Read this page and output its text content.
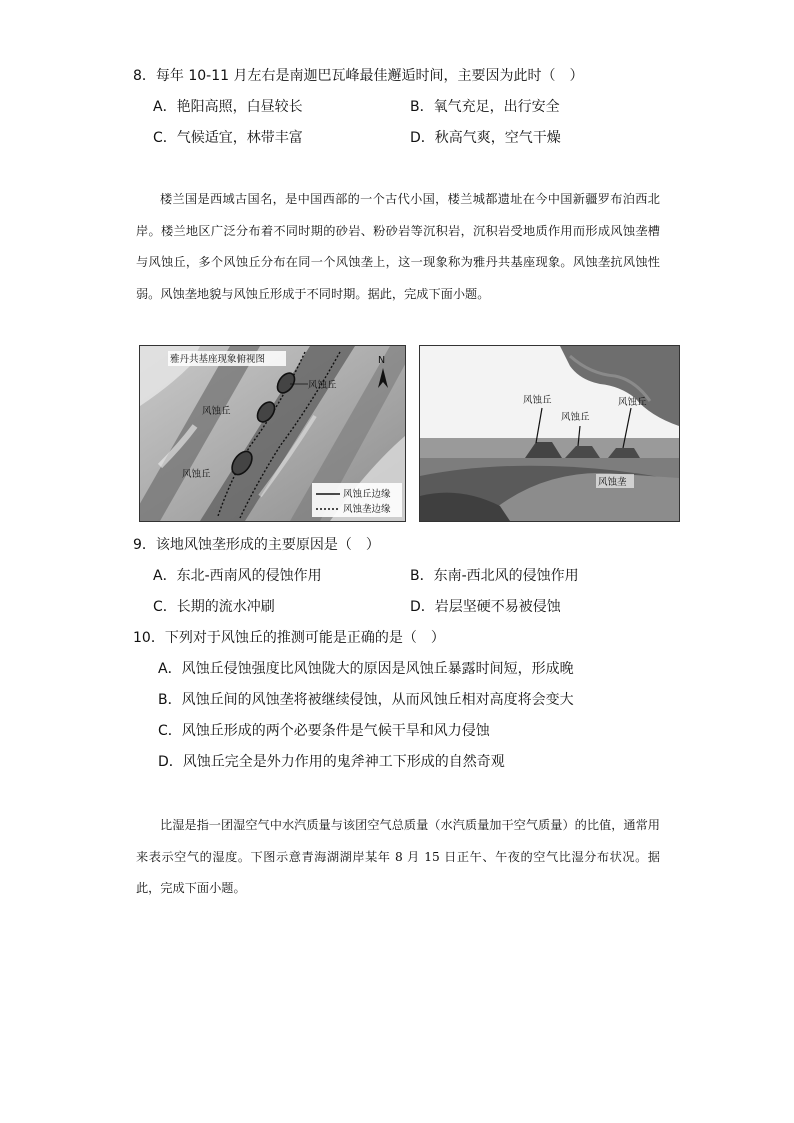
8．每年 10-11 月左右是南迦巴瓦峰最佳邂逅时间，主要因为此时（　）
A．艳阳高照，白昼较长	B．氧气充足，出行安全
C．气候适宜，林带丰富	D．秋高气爽，空气干燥

楼兰国是西域古国名，是中国西部的一个古代小国，楼兰城都遗址在今中国新疆罗布泊西北岸。楼兰地区广泛分布着不同时期的砂岩、粉砂岩等沉积岩，沉积岩受地质作用而形成风蚀垄槽与风蚀丘，多个风蚀丘分布在同一个风蚀垄上，这一现象称为雅丹共基座现象。风蚀垄抗风蚀性弱。风蚀垄地貌与风蚀丘形成于不同时期。据此，完成下面小题。

雅丹共基座现象俯视图	N
风蚀丘
风蚀丘
风蚀丘
风蚀丘边缘
风蚀垄边缘
风蚀丘
风蚀丘
风蚀丘
风蚀垄
9．该地风蚀垄形成的主要原因是（　）
A．东北-西南风的侵蚀作用	B．东南-西北风的侵蚀作用
C．长期的流水冲刷	D．岩层坚硬不易被侵蚀
10．下列对于风蚀丘的推测可能是正确的是（　）
A．风蚀丘侵蚀强度比风蚀陇大的原因是风蚀丘暴露时间短，形成晚
B．风蚀丘间的风蚀垄将被继续侵蚀，从而风蚀丘相对高度将会变大
C．风蚀丘形成的两个必要条件是气候干旱和风力侵蚀
D．风蚀丘完全是外力作用的鬼斧神工下形成的自然奇观

比湿是指一团湿空气中水汽质量与该团空气总质量（水汽质量加干空气质量）的比值，通常用来表示空气的湿度。下图示意青海湖湖岸某年 8 月 15 日正午、午夜的空气比湿分布状况。据此，完成下面小题。
